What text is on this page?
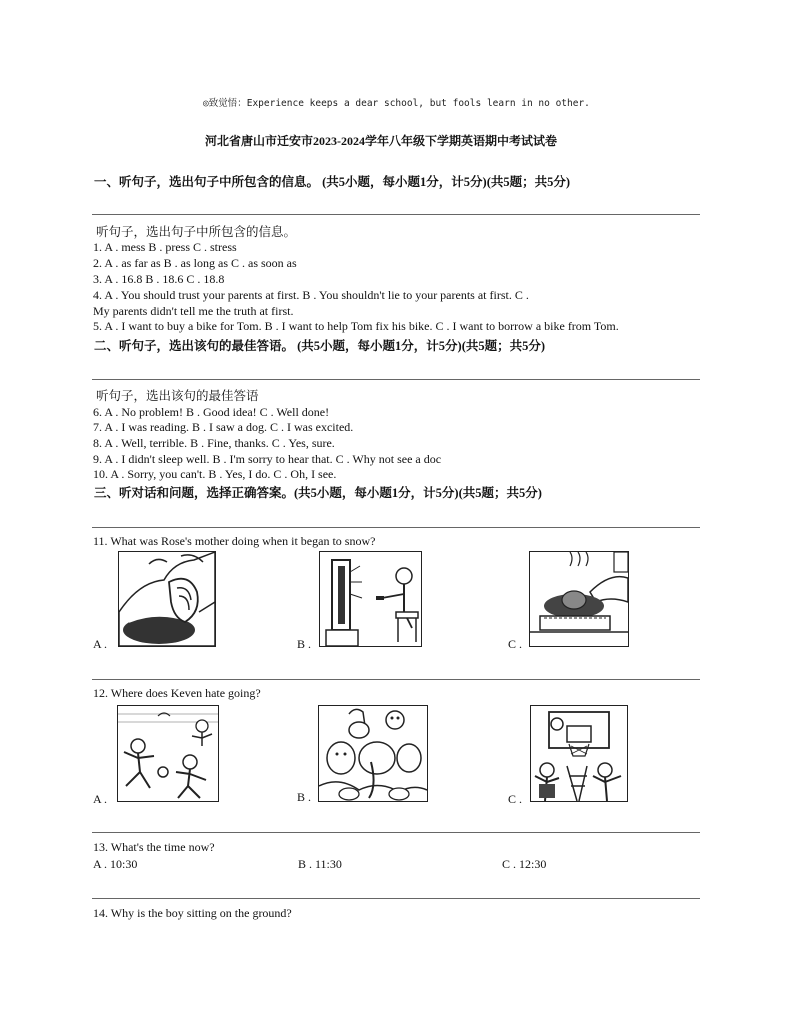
◎致觉悟：Experience keeps a dear school, but fools learn in no other.
河北省唐山市迁安市2023-2024学年八年级下学期英语期中考试试卷
一、听句子，选出句子中所包含的信息。 (共5小题，每小题1分，计5分)(共5题；共5分)
听句子，选出句子中所包含的信息。
1. A . mess B . press C . stress
2. A . as far as B . as long as C . as soon as
3. A . 16.8 B . 18.6 C . 18.8
4. A . You should trust your parents at first. B . You shouldn't lie to your parents at first. C .
My parents didn't tell me the truth at first.
5. A . I want to buy a bike for Tom. B . I want to help Tom fix his bike. C . I want to borrow a bike from Tom.
二、听句子，选出该句的最佳答语。 (共5小题，每小题1分，计5分)(共5题；共5分)
听句子，选出该句的最佳答语
6. A . No problem! B . Good idea! C . Well done!
7. A . I was reading. B . I saw a dog. C . I was excited.
8. A . Well, terrible. B . Fine, thanks. C . Yes, sure.
9. A . I didn't sleep well. B . I'm sorry to hear that. C . Why not see a doc
10. A . Sorry, you can't. B . Yes, I do. C . Oh, I see.
三、听对话和问题，选择正确答案。(共5小题，每小题1分，计5分)(共5题；共5分)
11. What was Rose's mother doing when it began to snow?
A .	B .	C .
12. Where does Keven hate going?
A .	B .	C .
13. What's the time now?
A . 10:30	B . 11:30	C . 12:30
14. Why is the boy sitting on the ground?
